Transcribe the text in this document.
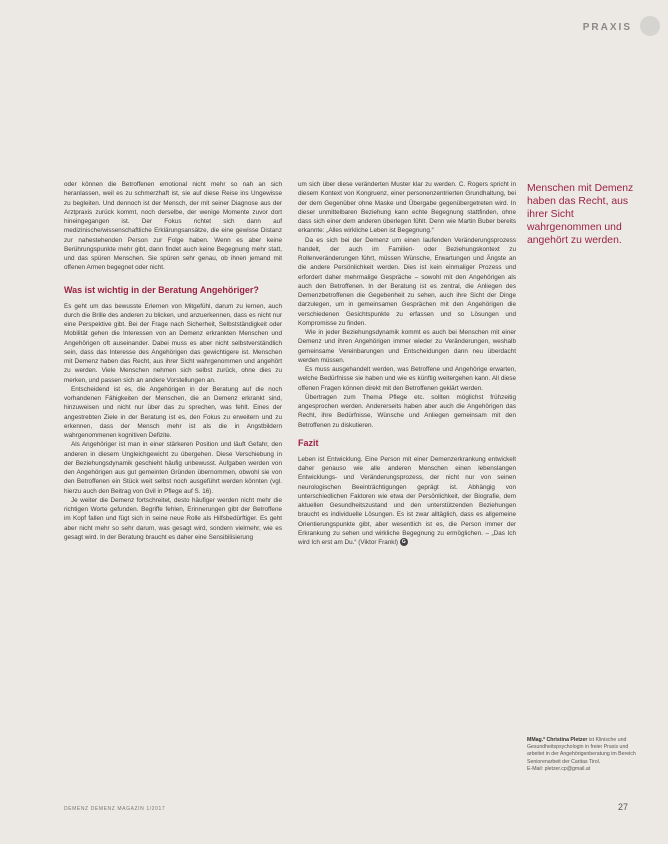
PRAXIS

oder können die Betroffenen emotional nicht mehr so nah an sich heranlassen, weil es zu schmerzhaft ist, sie auf diese Reise ins Ungewisse zu begleiten. Und dennoch ist der Mensch, der mit seiner Diagnose aus der Arztpraxis zurück kommt, noch derselbe, der wenige Momente zuvor dort hineingegangen ist. Der Fokus richtet sich dann auf medizinische/wissenschaftliche Erklärungsansätze, die eine gewisse Distanz zur nahestehenden Person zur Folge haben. Wenn es aber keine Berührungspunkte mehr gibt, dann findet auch keine Begegnung mehr statt, und das spüren Menschen. Sie spüren sehr genau, ob ihnen jemand mit offenen Armen begegnet oder nicht.

Was ist wichtig in der Beratung Angehöriger?

Es geht um das bewusste Erlernen von Mitgefühl, darum zu lernen, auch durch die Brille des anderen zu blicken, und anzuerkennen, dass es nicht nur eine Perspektive gibt. Bei der Frage nach Sicherheit, Selbstständigkeit oder Mobilität gehen die Interessen von an Demenz erkrankten Menschen und Angehörigen oft auseinander. Dabei muss es aber nicht selbstverständlich sein, dass das Interesse des Angehörigen das gewichtigere ist. Menschen mit Demenz haben das Recht, aus ihrer Sicht wahrgenommen und angehört zu werden. Viele Menschen nehmen sich selbst zurück, ohne dies zu merken, und passen sich an andere Vorstellungen an.

Entscheidend ist es, die Angehörigen in der Beratung auf die noch vorhandenen Fähigkeiten der Menschen, die an Demenz erkrankt sind, hinzuweisen und nicht nur über das zu sprechen, was fehlt. Eines der angestrebten Ziele in der Beratung ist es, den Fokus zu erweitern und zu erkennen, dass der Mensch mehr ist als die in Angstbildern wahrgenommenen kognitiven Defizite.

Als Angehöriger ist man in einer stärkeren Position und läuft Gefahr, den anderen in diesem Ungleichgewicht zu übergehen. Diese Verschiebung in der Beziehungsdynamik geschieht häufig unbewusst. Aufgaben werden von den Angehörigen aus gut gemeinten Gründen übernommen, obwohl sie von den Betroffenen ein Stück weit selbst noch ausgeführt werden könnten (vgl. hierzu auch den Beitrag von Gvil in Pflege auf S. 16).

Je weiter die Demenz fortschreitet, desto häufiger werden nicht mehr die richtigen Worte gefunden. Begriffe fehlen, Erinnerungen gibt der Betroffene im Kopf fallen und fügt sich in seine neue Rolle als Hilfsbedürftiger. Es geht aber nicht mehr so sehr darum, was gesagt wird, sondern vielmehr, wie es gesagt wird. In der Beratung braucht es daher eine Sensibilisierung

um sich über diese veränderten Muster klar zu werden. C. Rogers spricht in diesem Kontext von Kongruenz, einer personenzentrierten Grundhaltung, bei der dem Gegenüber ohne Maske und Übergabe gegenübergetreten wird. In dieser unmittelbaren Beziehung kann echte Begegnung stattfinden, ohne dass sich einer dem anderen überlegen fühlt. Denn wie Martin Buber bereits erkannte: „Alles wirkliche Leben ist Begegnung.“

Da es sich bei der Demenz um einen laufenden Veränderungsprozess handelt, der auch im Familien- oder Beziehungskontext zu Rollenveränderungen führt, müssen Wünsche, Erwartungen und Ängste an die andere Persönlichkeit werden. Dies ist kein einmaliger Prozess und erfordert daher mehrmalige Gespräche – sowohl mit den Angehörigen als auch den Betroffenen. In der Beratung ist es zentral, die Anliegen des Demenzbetroffenen die Gegebenheit zu sehen, auch ihre Sicht der Dinge darzulegen, um in gemeinsamen Gesprächen mit den Angehörigen die verschiedenen Gesichtspunkte zu erfassen und so Lösungen und Kompromisse zu finden.

Wie in jeder Beziehungsdynamik kommt es auch bei Menschen mit einer Demenz und ihren Angehörigen immer wieder zu Veränderungen, weshalb gemeinsame Vereinbarungen und Entscheidungen dann neu überdacht werden müssen.

Es muss ausgehandelt werden, was Betroffene und Angehörige erwarten, welche Bedürfnisse sie haben und wie es künftig weitergehen kann. All diese offenen Fragen können direkt mit den Betroffenen geklärt werden.

Übertragen zum Thema Pflege etc. sollten möglichst frühzeitig angesprochen werden. Andererseits haben aber auch die Angehörigen das Recht, ihre Bedürfnisse, Wünsche und Anliegen gemeinsam mit den Betroffenen zu diskutieren.

Fazit

Leben ist Entwicklung. Eine Person mit einer Demenzerkrankung entwickelt daher genauso wie alle anderen Menschen einen lebenslangen Entwicklungs- und Veränderungsprozess, der nicht nur von seinen neurologischen Beeinträchtigungen geprägt ist. Abhängig von unterschiedlichen Faktoren wie etwa der Persönlichkeit, der Biografie, dem aktuellen Gesundheitszustand und den unterstützenden Beziehungen braucht es individuelle Lösungen. Es ist zwar alltäglich, dass es allgemeine Orientierungspunkte gibt, aber wesentlich ist es, die Person immer der Erkrankung zu sehen und wirkliche Begegnung zu ermöglichen. – „Das Ich wird Ich erst am Du.“ (Viktor Frankl) G

Menschen mit Demenz haben das Recht, aus ihrer Sicht wahrgenommen und angehört zu werden.
MMag.ª Christina Pletzer ist Klinische und Gesundheitspsychologin in freier Praxis und arbeitet in der Angehörigenberatung im Bereich Seniorenarbeit der Caritas Tirol.
E-Mail: pletzer.cp@gmail.at
DEMENZ DEMENZ MAGAZIN 1/2017	27
